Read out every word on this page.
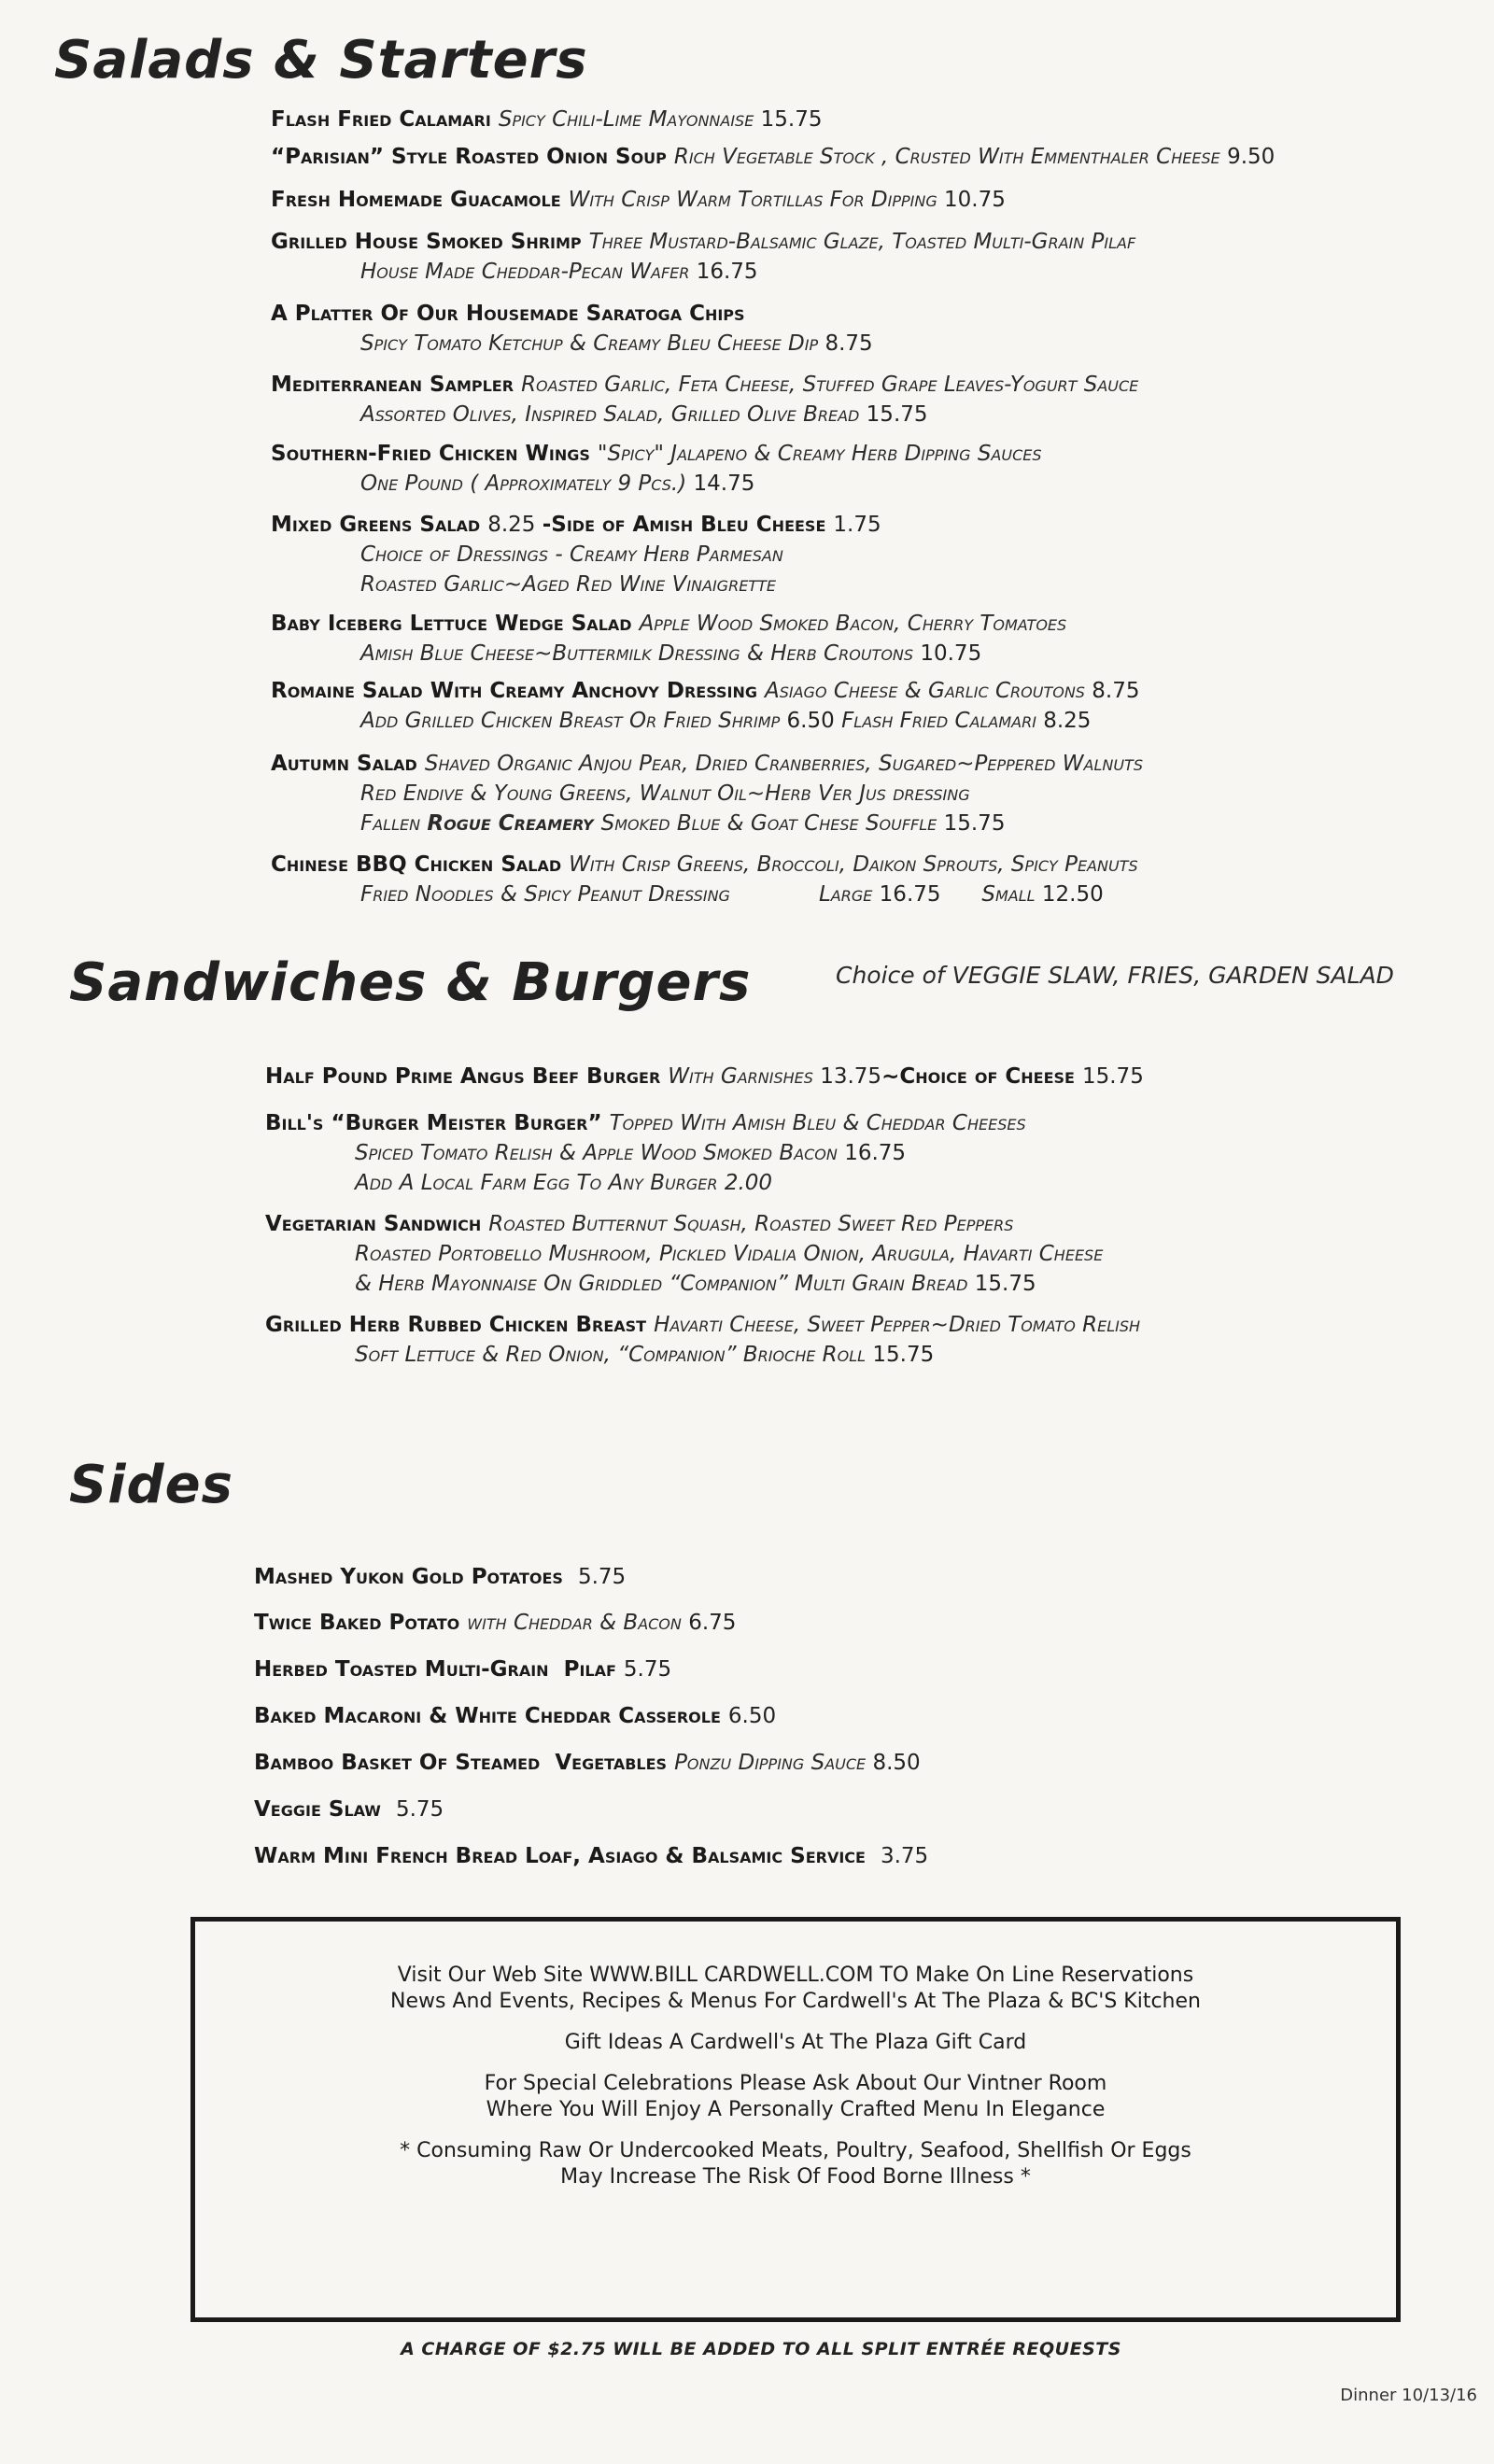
Salads & Starters
Flash Fried Calamari Spicy Chili-Lime Mayonnaise 15.75
“Parisian” Style Roasted Onion Soup Rich Vegetable Stock , Crusted With Emmenthaler Cheese 9.50
Fresh Homemade Guacamole With Crisp Warm Tortillas For Dipping 10.75
Grilled House Smoked Shrimp Three Mustard-Balsamic Glaze, Toasted Multi-Grain Pilaf
House Made Cheddar-Pecan Wafer 16.75
A Platter Of Our Housemade Saratoga Chips
Spicy Tomato Ketchup & Creamy Bleu Cheese Dip 8.75
Mediterranean Sampler Roasted Garlic, Feta Cheese, Stuffed Grape Leaves-Yogurt Sauce
Assorted Olives, Inspired Salad, Grilled Olive Bread 15.75
Southern-Fried Chicken Wings "Spicy" Jalapeno & Creamy Herb Dipping Sauces
One Pound ( Approximately 9 Pcs.) 14.75
Mixed Greens Salad 8.25 -Side of Amish Bleu Cheese 1.75
Choice of Dressings - Creamy Herb Parmesan
Roasted Garlic~Aged Red Wine Vinaigrette
Baby Iceberg Lettuce Wedge Salad Apple Wood Smoked Bacon, Cherry Tomatoes
Amish Blue Cheese~Buttermilk Dressing & Herb Croutons 10.75
Romaine Salad With Creamy Anchovy Dressing Asiago Cheese & Garlic Croutons 8.75
Add Grilled Chicken Breast Or Fried Shrimp 6.50 Flash Fried Calamari 8.25
Autumn Salad Shaved Organic Anjou Pear, Dried Cranberries, Sugared~Peppered Walnuts
Red Endive & Young Greens, Walnut Oil~Herb Ver Jus dressing
Fallen Rogue Creamery Smoked Blue & Goat Chese Souffle 15.75
Chinese BBQ Chicken Salad With Crisp Greens, Broccoli, Daikon Sprouts, Spicy Peanuts
Fried Noodles & Spicy Peanut Dressing             Large 16.75      Small 12.50
Sandwiches & Burgers	Choice of VEGGIE SLAW, FRIES, GARDEN SALAD
Half Pound Prime Angus Beef Burger With Garnishes 13.75~Choice of Cheese 15.75
Bill's “Burger Meister Burger” Topped With Amish Bleu & Cheddar Cheeses
Spiced Tomato Relish & Apple Wood Smoked Bacon 16.75
Add A Local Farm Egg To Any Burger 2.00
Vegetarian Sandwich Roasted Butternut Squash, Roasted Sweet Red Peppers
Roasted Portobello Mushroom, Pickled Vidalia Onion, Arugula, Havarti Cheese
& Herb Mayonnaise On Griddled “Companion” Multi Grain Bread 15.75
Grilled Herb Rubbed Chicken Breast Havarti Cheese, Sweet Pepper~Dried Tomato Relish
Soft Lettuce & Red Onion, “Companion” Brioche Roll 15.75
Sides
Mashed Yukon Gold Potatoes  5.75
Twice Baked Potato with Cheddar & Bacon 6.75
Herbed Toasted Multi-Grain  Pilaf 5.75
Baked Macaroni & White Cheddar Casserole 6.50
Bamboo Basket Of Steamed  Vegetables Ponzu Dipping Sauce 8.50
Veggie Slaw  5.75
Warm Mini French Bread Loaf, Asiago & Balsamic Service  3.75

Visit Our Web Site WWW.BILL CARDWELL.COM TO Make On Line Reservations
News And Events, Recipes & Menus For Cardwell's At The Plaza & BC'S Kitchen

Gift Ideas A Cardwell's At The Plaza Gift Card

For Special Celebrations Please Ask About Our Vintner Room
Where You Will Enjoy A Personally Crafted Menu In Elegance

* Consuming Raw Or Undercooked Meats, Poultry, Seafood, Shellfish Or Eggs
May Increase The Risk Of Food Borne Illness *

A CHARGE OF $2.75 WILL BE ADDED TO ALL SPLIT ENTRÉE REQUESTS
Dinner 10/13/16
